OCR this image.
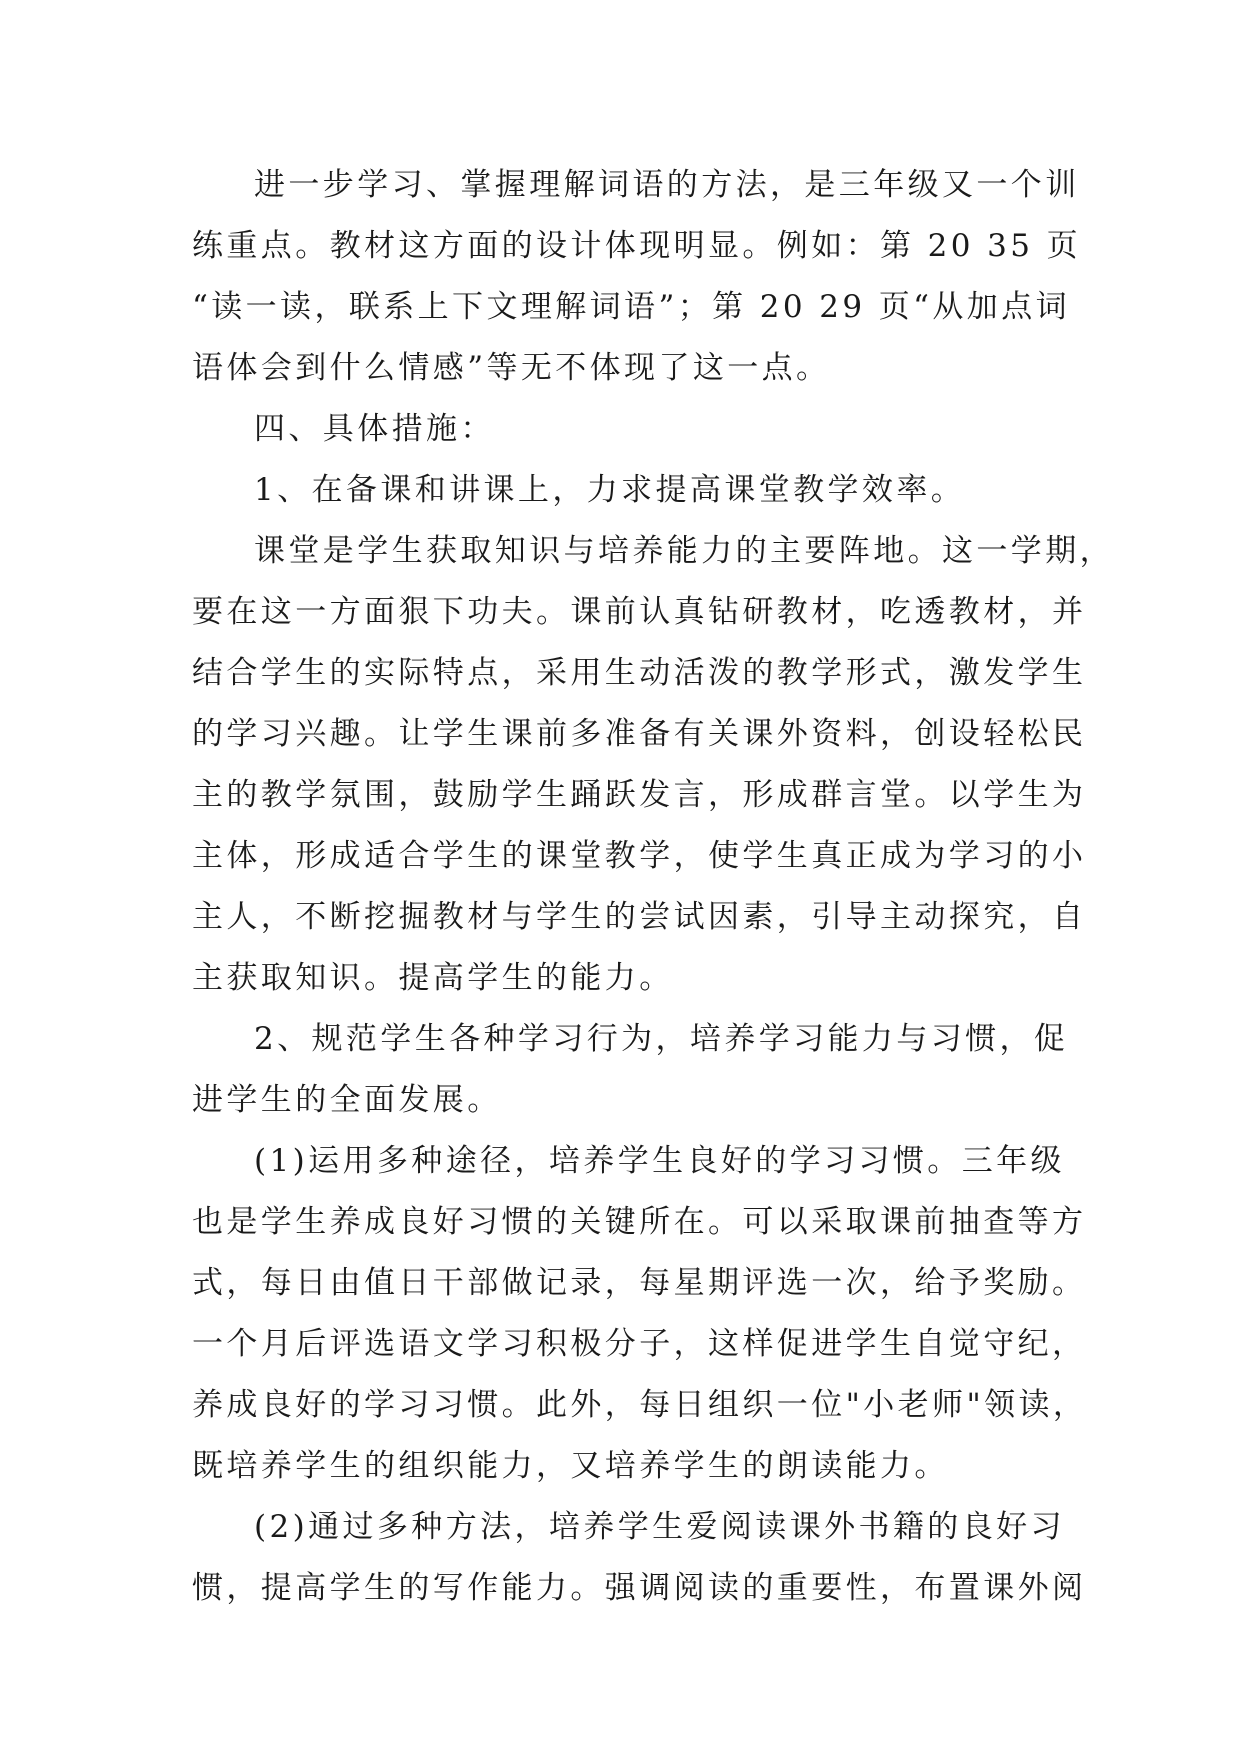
进一步学习、掌握理解词语的方法，是三年级又一个训
练重点。教材这方面的设计体现明显。例如：第 20 35 页
“读一读，联系上下文理解词语”；第 20 29 页“从加点词
语体会到什么情感”等无不体现了这一点。
四、具体措施：
1、在备课和讲课上，力求提高课堂教学效率。
课堂是学生获取知识与培养能力的主要阵地。这一学期，
要在这一方面狠下功夫。课前认真钻研教材，吃透教材，并
结合学生的实际特点，采用生动活泼的教学形式，激发学生
的学习兴趣。让学生课前多准备有关课外资料，创设轻松民
主的教学氛围，鼓励学生踊跃发言，形成群言堂。以学生为
主体，形成适合学生的课堂教学，使学生真正成为学习的小
主人，不断挖掘教材与学生的尝试因素，引导主动探究，自
主获取知识。提高学生的能力。
2、规范学生各种学习行为，培养学习能力与习惯，促
进学生的全面发展。
(1)运用多种途径，培养学生良好的学习习惯。三年级
也是学生养成良好习惯的关键所在。可以采取课前抽查等方
式，每日由值日干部做记录，每星期评选一次，给予奖励。
一个月后评选语文学习积极分子，这样促进学生自觉守纪，
养成良好的学习习惯。此外，每日组织一位"小老师"领读，
既培养学生的组织能力，又培养学生的朗读能力。
(2)通过多种方法，培养学生爱阅读课外书籍的良好习
惯，提高学生的写作能力。强调阅读的重要性，布置课外阅
